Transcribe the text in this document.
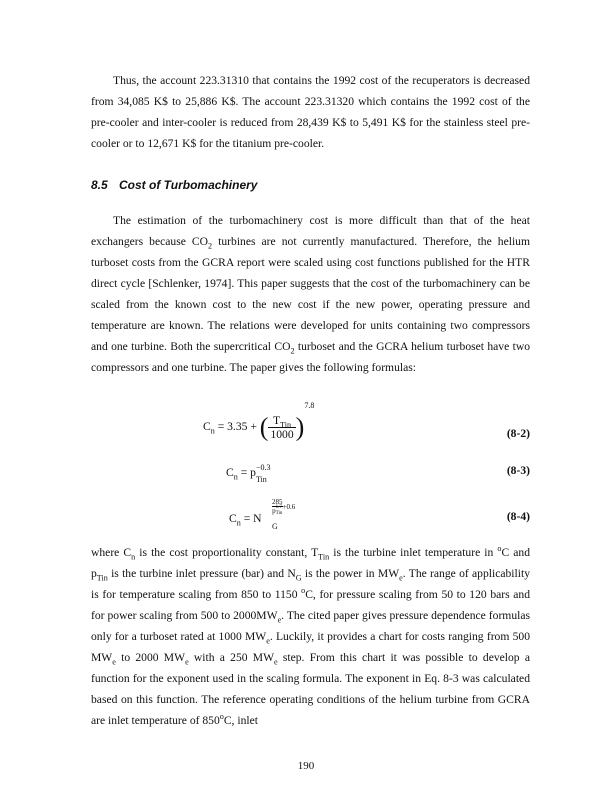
Thus, the account 223.31310 that contains the 1992 cost of the recuperators is decreased from 34,085 K$ to 25,886 K$. The account 223.31320 which contains the 1992 cost of the pre-cooler and inter-cooler is reduced from 28,439 K$ to 5,491 K$ for the stainless steel pre-cooler or to 12,671 K$ for the titanium pre-cooler.

8.5 Cost of Turbomachinery

The estimation of the turbomachinery cost is more difficult than that of the heat exchangers because $CO_2$ turbines are not currently manufactured. Therefore, the helium turboset costs from the GCRA report were scaled using cost functions published for the HTR direct cycle [Schlenker, 1974]. This paper suggests that the cost of the turbomachinery can be scaled from the known cost to the new cost if the new power, operating pressure and temperature are known. The relations were developed for units containing two compressors and one turbine. Both the supercritical $CO_2$ turboset and the GCRA helium turboset have two compressors and one turbine. The paper gives the following formulas:

$C_n = 3.35$ + ( $\frac{T_{Tin}}{1000} )^{7.8}$
(8-2)
$C_n = p -0.3$
Tin
(8-3)
$C_n = N$
G
285
p 1.7
Tin
+0.6
(8-4)

where $C_n$ is the cost proportionality constant, $T_{Tin}$ is the turbine inlet temperature in $^o$C and $p_{Tin}$ is the turbine inlet pressure (bar) and $N_G$ is the power in $MW_e$. The range of applicability is for temperature scaling from 850 to 1150 $^o$C, for pressure scaling from 50 to 120 bars and for power scaling from 500 to $2000MW_e$. The cited paper gives pressure dependence formulas only for a turboset rated at 1000 $MW_e$. Luckily, it provides a chart for costs ranging from 500 $MW_e$ to 2000 $MW_e$ with a 250 $MW_e$ step. From this chart it was possible to develop a function for the exponent used in the scaling formula. The exponent in Eq. 8-3 was calculated based on this function. The reference operating conditions of the helium turbine from GCRA are inlet temperature of 850$^o$C, inlet

190
